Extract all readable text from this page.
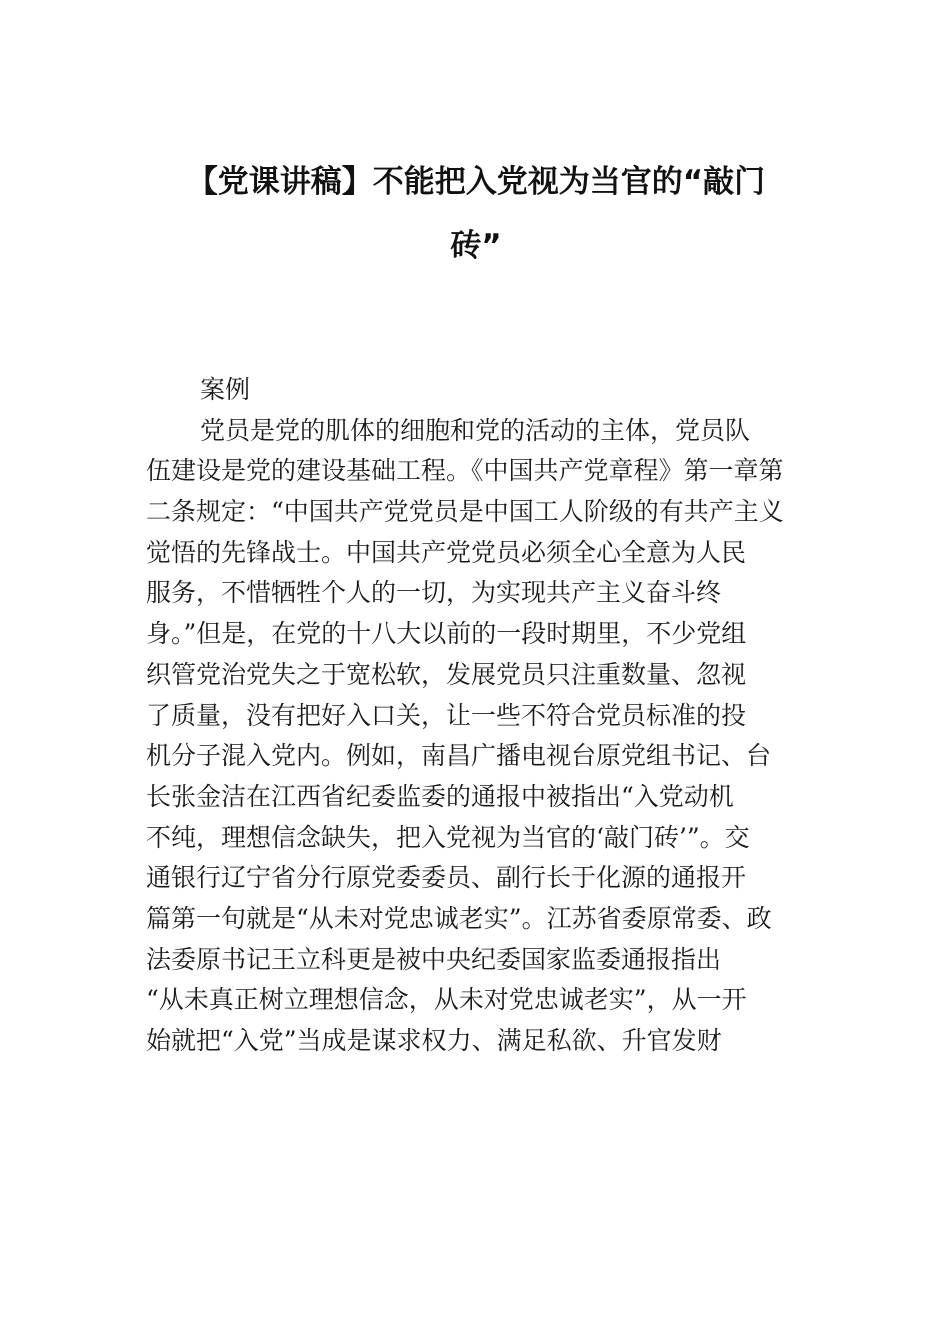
【党课讲稿】不能把入党视为当官的“敲门
砖”
案例
党员是党的肌体的细胞和党的活动的主体，党员队
伍建设是党的建设基础工程。《中国共产党章程》第一章第
二条规定：“中国共产党党员是中国工人阶级的有共产主义
觉悟的先锋战士。中国共产党党员必须全心全意为人民
服务，不惜牺牲个人的一切，为实现共产主义奋斗终
身。”但是，在党的十八大以前的一段时期里，不少党组
织管党治党失之于宽松软，发展党员只注重数量、忽视
了质量，没有把好入口关，让一些不符合党员标准的投
机分子混入党内。例如，南昌广播电视台原党组书记、台
长张金洁在江西省纪委监委的通报中被指出“入党动机
不纯，理想信念缺失，把入党视为当官的‘敲门砖’”。交
通银行辽宁省分行原党委委员、副行长于化源的通报开
篇第一句就是“从未对党忠诚老实”。江苏省委原常委、政
法委原书记王立科更是被中央纪委国家监委通报指出
“从未真正树立理想信念，从未对党忠诚老实”，从一开
始就把“入党”当成是谋求权力、满足私欲、升官发财
